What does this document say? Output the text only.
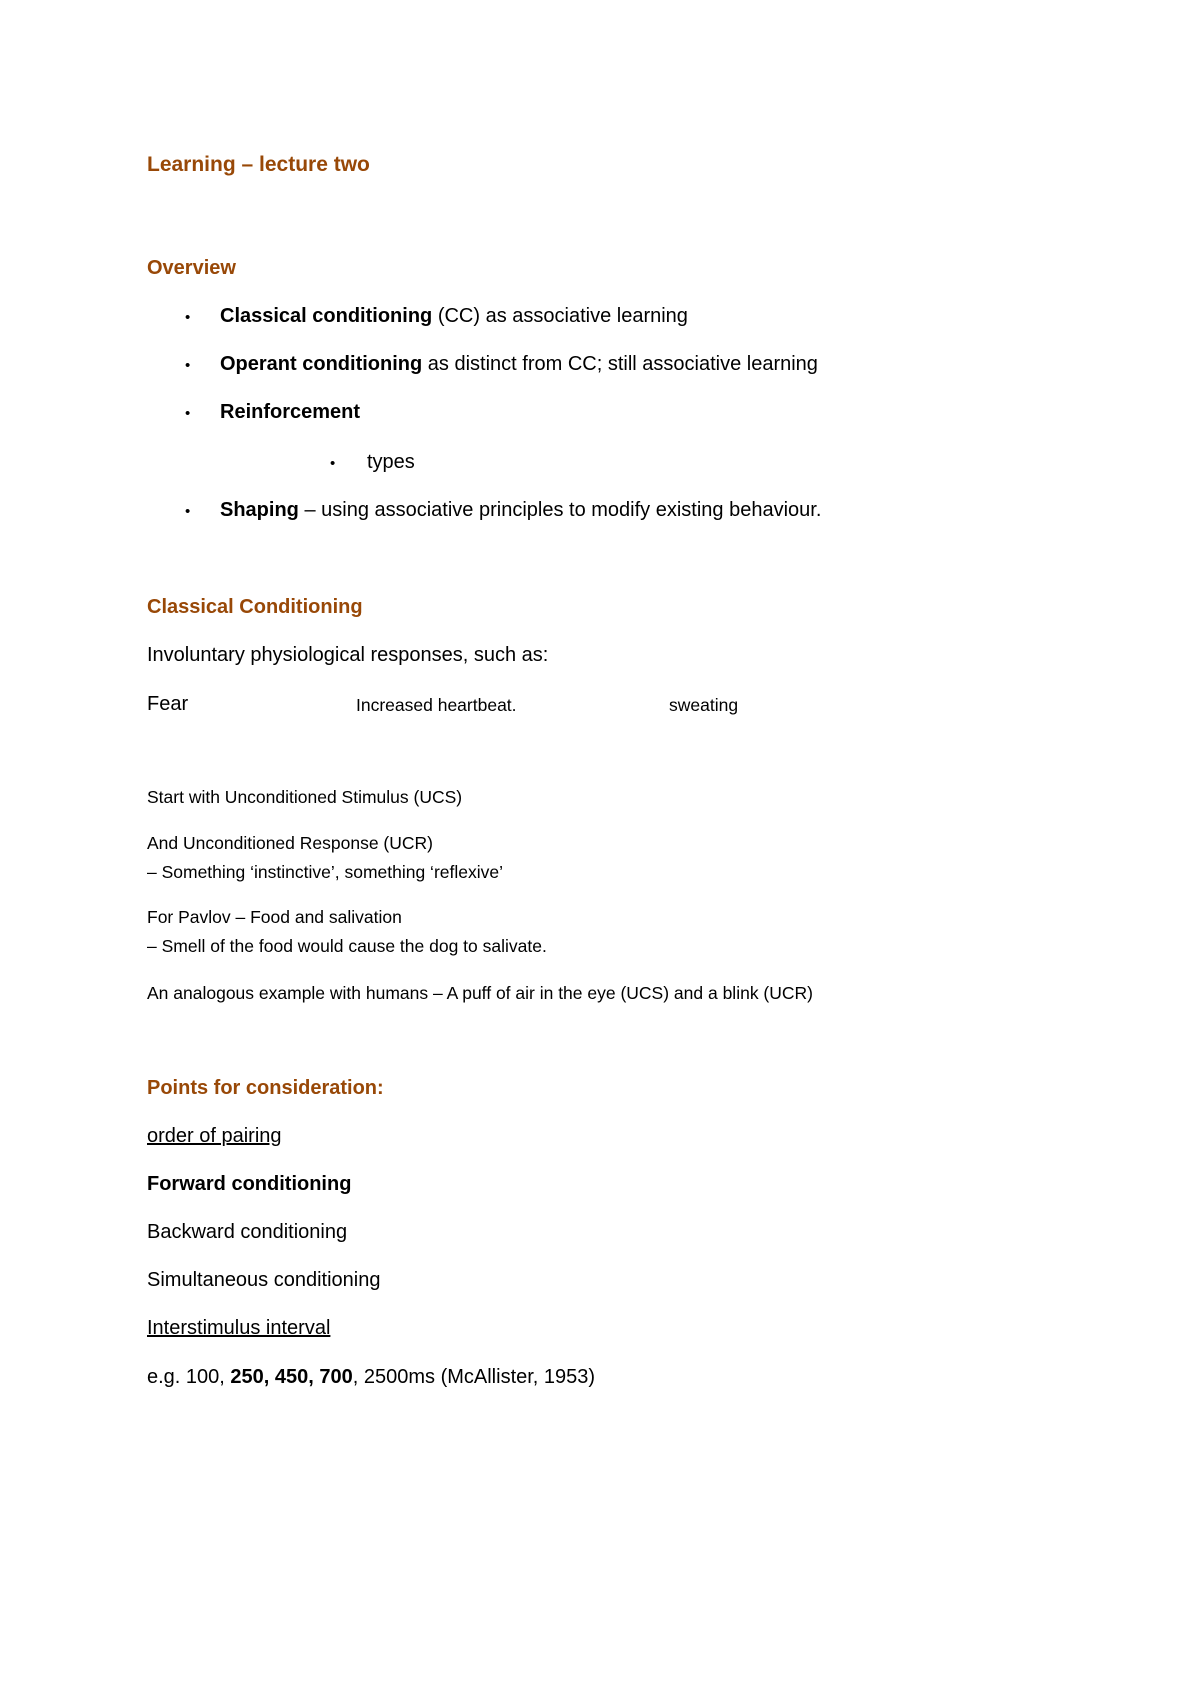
Learning – lecture two
Overview
• Classical conditioning (CC) as associative learning
• Operant conditioning as distinct from CC; still associative learning
• Reinforcement
• types
• Shaping – using associative principles to modify existing behaviour.
Classical Conditioning
Involuntary physiological responses, such as:
Fear	Increased heartbeat.	sweating
Start with Unconditioned Stimulus (UCS)
And Unconditioned Response (UCR)
– Something ‘instinctive’, something ‘reflexive’
For Pavlov – Food and salivation
– Smell of the food would cause the dog to salivate.
An analogous example with humans – A puff of air in the eye (UCS) and a blink (UCR)
Points for consideration:
order of pairing
Forward conditioning
Backward conditioning
Simultaneous conditioning
Interstimulus interval
e.g. 100, 250, 450, 700, 2500ms (McAllister, 1953)
